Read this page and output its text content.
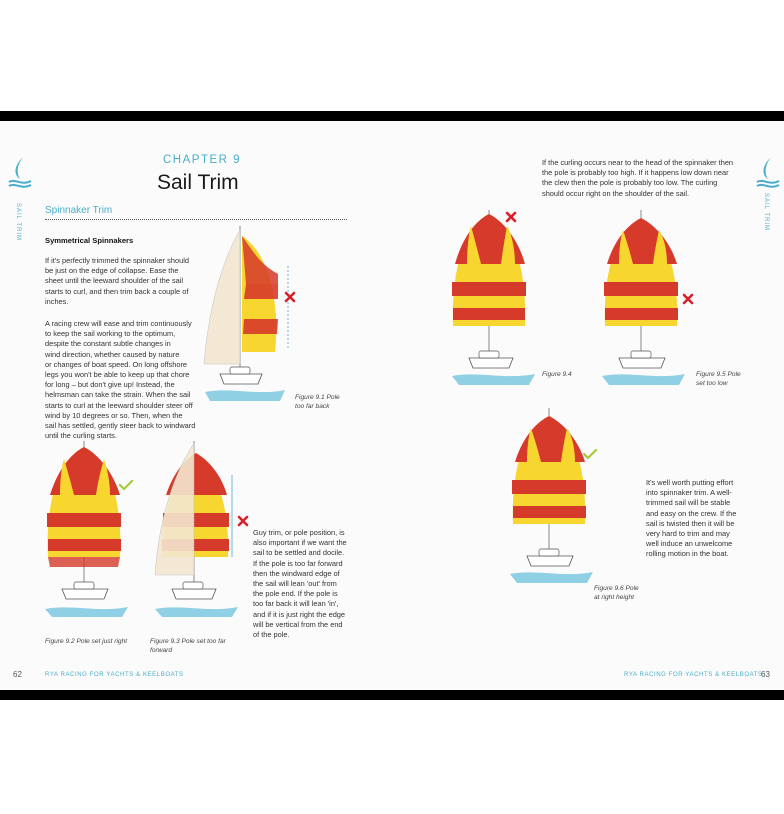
SAIL TRIM
CHAPTER 9
Sail Trim
Spinnaker Trim
Symmetrical Spinnakers
If it's perfectly trimmed the spinnaker should
be just on the edge of collapse. Ease the
sheet until the leeward shoulder of the sail
starts to curl, and then trim back a couple of
inches.
A racing crew will ease and trim continuously
to keep the sail working to the optimum,
despite the constant subtle changes in
wind direction, whether caused by nature
or changes of boat speed. On long offshore
legs you won't be able to keep up that chore
for long – but don't give up! Instead, the
helmsman can take the strain. When the sail
starts to curl at the leeward shoulder steer off
wind by 10 degrees or so. Then, when the
sail has settled, gently steer back to windward
until the curling starts.
Guy trim, or pole position, is
also important if we want the
sail to be settled and docile.
If the pole is too far forward
then the windward edge of
the sail will lean 'out' from
the pole end. If the pole is
too far back it will lean 'in',
and if it is just right the edge
will be vertical from the end
of the pole.
Figure 9.1 Pole
too far back
Figure 9.2 Pole set just right	Figure 9.3 Pole set too far
forward
62	RYA RACING FOR YACHTS & KEELBOATS
SAIL TRIM
If the curling occurs near to the head of the spinnaker then
the pole is probably too high. If it happens low down near
the clew then the pole is probably too low. The curling
should occur right on the shoulder of the sail.
Figure 9.4	Figure 9.5 Pole
set too low
Figure 9.6 Pole
at right height
It's well worth putting effort
into spinnaker trim. A well-
trimmed sail will be stable
and easy on the crew. If the
sail is twisted then it will be
very hard to trim and may
well induce an unwelcome
rolling motion in the boat.
RYA RACING FOR YACHTS & KEELBOATS
63
